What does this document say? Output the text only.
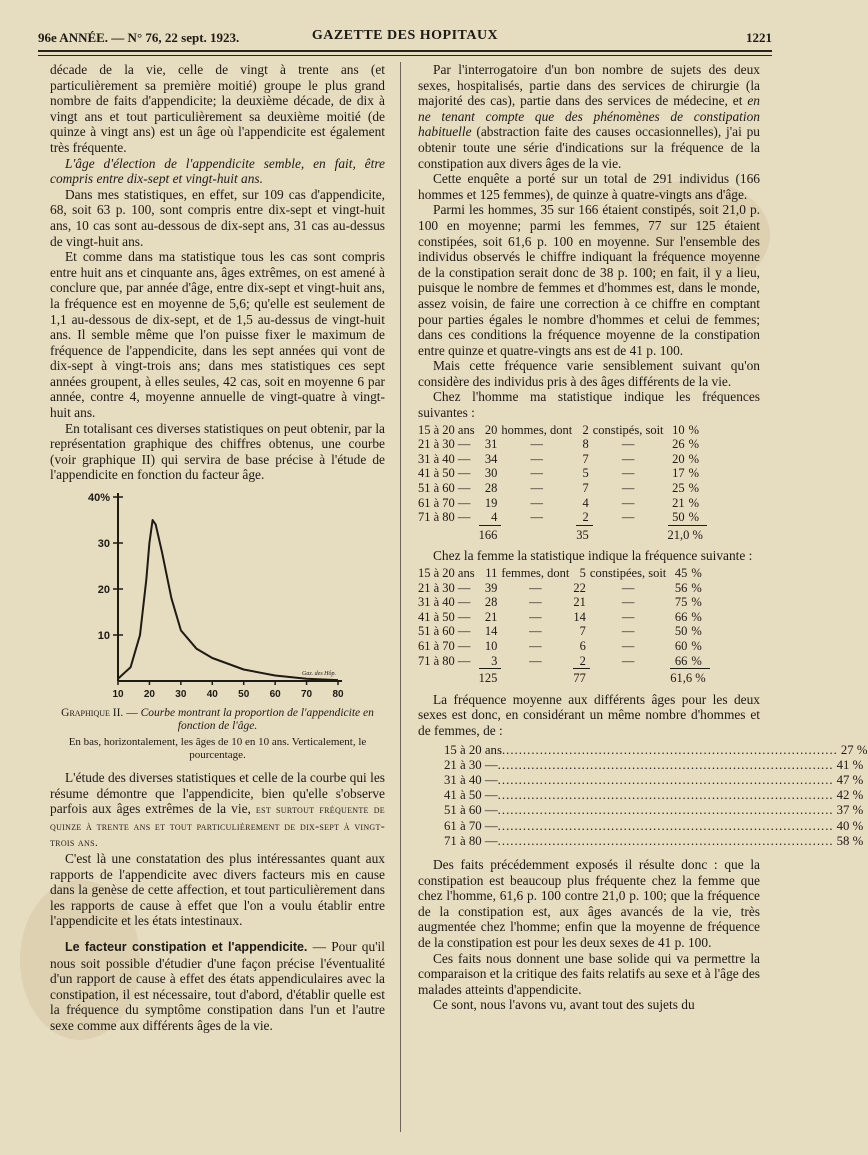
96e ANNÉE. — N° 76, 22 sept. 1923.	GAZETTE DES HOPITAUX	1221

décade de la vie, celle de vingt à trente ans (et particulièrement sa première moitié) groupe le plus grand nombre de faits d'appendicite; la deuxième décade, de dix à vingt ans et tout particulièrement sa deuxième moitié (de quinze à vingt ans) est un âge où l'appendicite est également très fréquente.

L'âge d'élection de l'appendicite semble, en fait, être compris entre dix-sept et vingt-huit ans.

Dans mes statistiques, en effet, sur 109 cas d'appendicite, 68, soit 63 p. 100, sont compris entre dix-sept et vingt-huit ans, 10 cas sont au-dessous de dix-sept ans, 31 cas au-dessus de vingt-huit ans.

Et comme dans ma statistique tous les cas sont compris entre huit ans et cinquante ans, âges extrêmes, on est amené à conclure que, par année d'âge, entre dix-sept et vingt-huit ans, la fréquence est en moyenne de 5,6; qu'elle est seulement de 1,1 au-dessous de dix-sept, et de 1,5 au-dessus de vingt-huit ans. Il semble même que l'on puisse fixer le maximum de fréquence de l'appendicite, dans les sept années qui vont de dix-sept à vingt-trois ans; dans mes statistiques ces sept années groupent, à elles seules, 42 cas, soit en moyenne 6 par année, contre 4, moyenne annuelle de vingt-quatre à vingt-huit ans.

En totalisant ces diverses statistiques on peut obtenir, par la représentation graphique des chiffres obtenus, une courbe (voir graphique II) qui servira de base précise à l'étude de l'appendicite en fonction du facteur âge.

10 20 30 40 50 60 70 80
10
20
30
40%
Gaz. des Hôp.
Graphique II. — Courbe montrant la proportion de l'appendicite en fonction de l'âge.
En bas, horizontalement, les âges de 10 en 10 ans. Verticalement, le pourcentage.

L'étude des diverses statistiques et celle de la courbe qui les résume démontre que l'appendicite, bien qu'elle s'observe parfois aux âges extrêmes de la vie, est surtout fréquente de quinze à trente ans et tout particulièrement de dix-sept à vingt-trois ans.

C'est là une constatation des plus intéressantes quant aux rapports de l'appendicite avec divers facteurs mis en cause dans la genèse de cette affection, et tout particulièrement dans les rapports de cause à effet que l'on a voulu établir entre l'appendicite et les états intestinaux.

Le facteur constipation et l'appendicite. — Pour qu'il nous soit possible d'étudier d'une façon précise l'éventualité d'un rapport de cause à effet des états appendiculaires avec la constipation, il est nécessaire, tout d'abord, d'établir quelle est la fréquence du symptôme constipation dans l'un et l'autre sexe comme aux différents âges de la vie.

Par l'interrogatoire d'un bon nombre de sujets des deux sexes, hospitalisés, partie dans des services de chirurgie (la majorité des cas), partie dans des services de médecine, et en ne tenant compte que des phénomènes de constipation habituelle (abstraction faite des causes occasionnelles), j'ai pu obtenir toute une série d'indications sur la fréquence de la constipation aux divers âges de la vie.

Cette enquête a porté sur un total de 291 individus (166 hommes et 125 femmes), de quinze à quatre-vingts ans d'âge.

Parmi les hommes, 35 sur 166 étaient constipés, soit 21,0 p. 100 en moyenne; parmi les femmes, 77 sur 125 étaient constipées, soit 61,6 p. 100 en moyenne. Sur l'ensemble des individus observés le chiffre indiquant la fréquence moyenne de la constipation serait donc de 38 p. 100; en fait, il y a lieu, puisque le nombre de femmes et d'hommes est, dans le monde, assez voisin, de faire une correction à ce chiffre en comptant pour parties égales le nombre d'hommes et celui de femmes; dans ces conditions la fréquence moyenne de la constipation entre quinze et quatre-vingts ans est de 41 p. 100.

Mais cette fréquence varie sensiblement suivant qu'on considère des individus pris à des âges différents de la vie.

Chez l'homme ma statistique indique les fréquences suivantes :

15 à 20 ans	20	hommes, dont	2	constipés, soit	10	%
21 à 30 —	31	—	8	—	26	%
31 à 40 —	34	—	7	—	20	%
41 à 50 —	30	—	5	—	17	%
51 à 60 —	28	—	7	—	25	%
61 à 70 —	19	—	4	—	21	%
71 à 80 —	4	—	2	—	50	%
	166		35		21,0 %	

Chez la femme la statistique indique la fréquence suivante :

15 à 20 ans	11	femmes, dont	5	constipées, soit	45	%
21 à 30 —	39	—	22	—	56	%
31 à 40 —	28	—	21	—	75	%
41 à 50 —	21	—	14	—	66	%
51 à 60 —	14	—	7	—	50	%
61 à 70 —	10	—	6	—	60	%
71 à 80 —	3	—	2	—	66	%
	125		77		61,6 %	

La fréquence moyenne aux différents âges pour les deux sexes est donc, en considérant un même nombre d'hommes et de femmes, de :

15 à 20 ans ................................................................................ 27 %
21 à 30 — ................................................................................ 41 %
31 à 40 — ................................................................................ 47 %
41 à 50 — ................................................................................ 42 %
51 à 60 — ................................................................................ 37 %
61 à 70 — ................................................................................ 40 %
71 à 80 — ................................................................................ 58 %

Des faits précédemment exposés il résulte donc : que la constipation est beaucoup plus fréquente chez la femme que chez l'homme, 61,6 p. 100 contre 21,0 p. 100; que la fréquence de la constipation est, aux âges avancés de la vie, très augmentée chez l'homme; enfin que la moyenne de fréquence de la constipation est pour les deux sexes de 41 p. 100.

Ces faits nous donnent une base solide qui va permettre la comparaison et la critique des faits relatifs au sexe et à l'âge des malades atteints d'appendicite.

Ce sont, nous l'avons vu, avant tout des sujets du
